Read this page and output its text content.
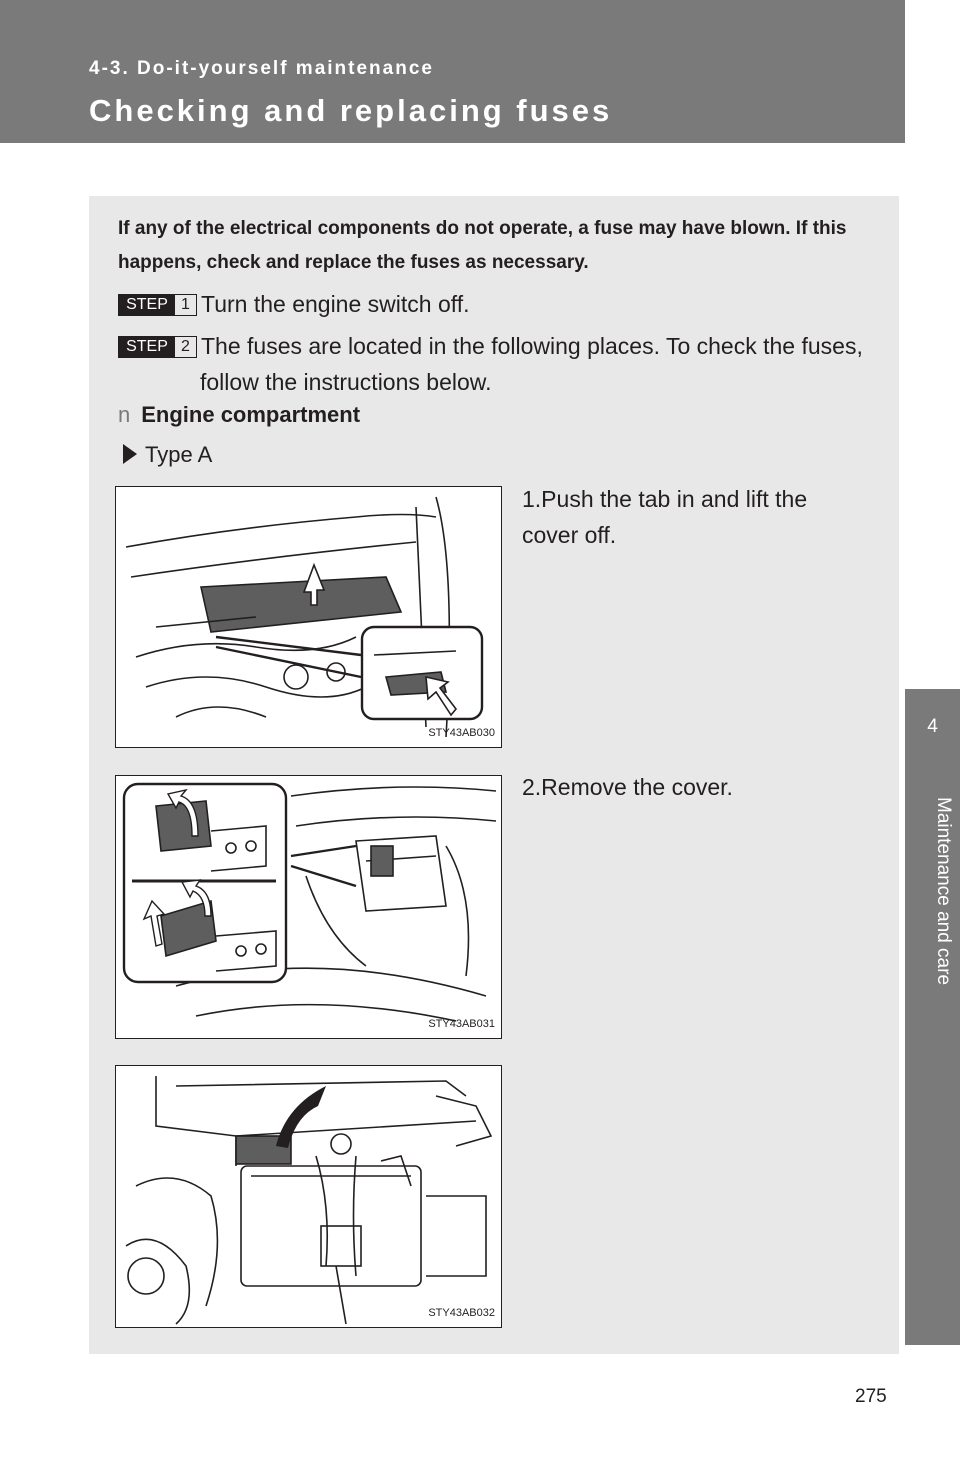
4-3. Do-it-yourself maintenance
Checking and replacing fuses
4
Maintenance and care
If any of the electrical components do not operate, a fuse may have blown. If this happens, check and replace the fuses as necessary.
STEP 1 Turn the engine switch off.
STEP 2 The fuses are located in the following places. To check the fuses, follow the instructions below.
n Engine compartment
Type A
STY43AB030
1.Push the tab in and lift the cover off.
STY43AB031
2.Remove the cover.
STY43AB032
275
